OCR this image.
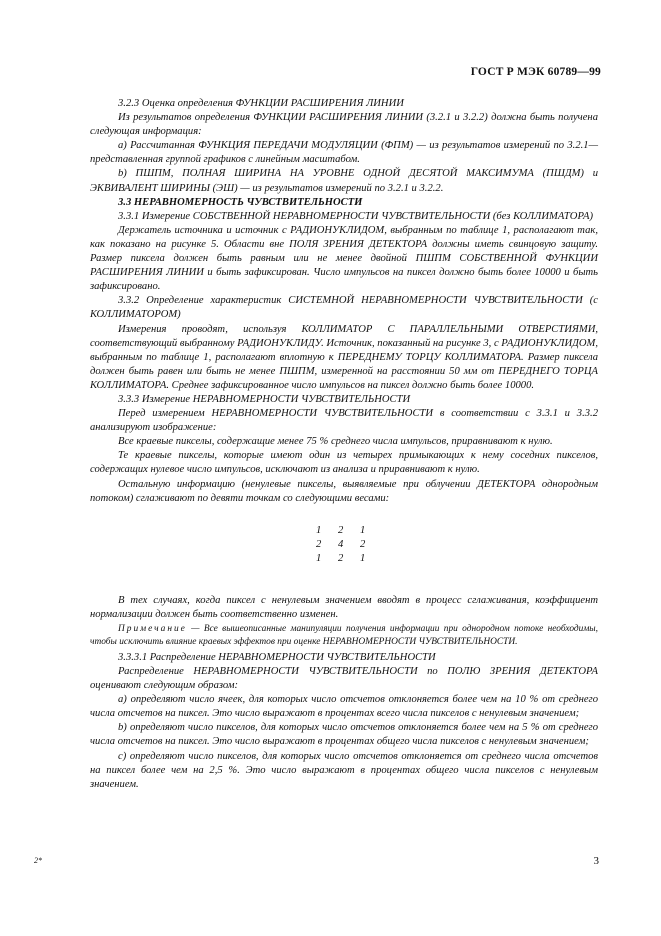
ГОСТ Р МЭК 60789—99

3.2.3 Оценка определения ФУНКЦИИ РАСШИРЕНИЯ ЛИНИИ

Из результатов определения ФУНКЦИИ РАСШИРЕНИЯ ЛИНИИ (3.2.1 и 3.2.2) должна быть получена следующая информация:

а) Рассчитанная ФУНКЦИЯ ПЕРЕДАЧИ МОДУЛЯЦИИ (ФПМ) — из результатов измерений по 3.2.1— представленная группой графиков с линейным масштабом.

b) ПШПМ, ПОЛНАЯ ШИРИНА НА УРОВНЕ ОДНОЙ ДЕСЯТОЙ МАКСИМУМА (ПШДМ) и ЭКВИВАЛЕНТ ШИРИНЫ (ЭШ) — из результатов измерений по 3.2.1 и 3.2.2.

3.3 НЕРАВНОМЕРНОСТЬ ЧУВСТВИТЕЛЬНОСТИ

3.3.1 Измерение СОБСТВЕННОЙ НЕРАВНОМЕРНОСТИ ЧУВСТВИТЕЛЬНОСТИ (без КОЛЛИМАТОРА)

Держатель источника и источник с РАДИОНУКЛИДОМ, выбранным по таблице 1, располагают так, как показано на рисунке 5. Области вне ПОЛЯ ЗРЕНИЯ ДЕТЕКТОРА должны иметь свинцовую защиту. Размер пиксела должен быть равным или не менее двойной ПШПМ СОБСТВЕННОЙ ФУНКЦИИ РАСШИРЕНИЯ ЛИНИИ и быть зафиксирован. Число импульсов на пиксел должно быть более 10000 и быть зафиксировано.

3.3.2 Определение характеристик СИСТЕМНОЙ НЕРАВНОМЕРНОСТИ ЧУВСТВИТЕЛЬНОСТИ (с КОЛЛИМАТОРОМ)

Измерения проводят, используя КОЛЛИМАТОР С ПАРАЛЛЕЛЬНЫМИ ОТВЕРСТИЯМИ, соответствующий выбранному РАДИОНУКЛИДУ. Источник, показанный на рисунке 3, с РАДИОНУКЛИДОМ, выбранным по таблице 1, располагают вплотную к ПЕРЕДНЕМУ ТОРЦУ КОЛЛИМАТОРА. Размер пиксела должен быть равен или быть не менее ПШПМ, измеренной на расстоянии 50 мм от ПЕРЕДНЕГО ТОРЦА КОЛЛИМАТОРА. Среднее зафиксированное число импульсов на пиксел должно быть более 10000.

3.3.3 Измерение НЕРАВНОМЕРНОСТИ ЧУВСТВИТЕЛЬНОСТИ

Перед измерением НЕРАВНОМЕРНОСТИ ЧУВСТВИТЕЛЬНОСТИ в соответствии с 3.3.1 и 3.3.2 анализируют изображение:

Все краевые пикселы, содержащие менее 75 % среднего числа импульсов, приравнивают к нулю.

Те краевые пикселы, которые имеют один из четырех примыкающих к нему соседних пикселов, содержащих нулевое число импульсов, исключают из анализа и приравнивают к нулю.

Остальную информацию (ненулевые пикселы, выявляемые при облучении ДЕТЕКТОРА однородным потоком) сглаживают по девяти точкам со следующими весами:

1	2	1
2	4	2
1	2	1

В тех случаях, когда пиксел с ненулевым значением вводят в процесс сглаживания, коэффициент нормализации должен быть соответственно изменен.

Примечание — Все вышеописанные манипуляции получения информации при однородном потоке необходимы, чтобы исключить влияние краевых эффектов при оценке НЕРАВНОМЕРНОСТИ ЧУВСТВИТЕЛЬНОСТИ.

3.3.3.1 Распределение НЕРАВНОМЕРНОСТИ ЧУВСТВИТЕЛЬНОСТИ

Распределение НЕРАВНОМЕРНОСТИ ЧУВСТВИТЕЛЬНОСТИ по ПОЛЮ ЗРЕНИЯ ДЕТЕКТОРА оценивают следующим образом:

а) определяют число ячеек, для которых число отсчетов отклоняется более чем на 10 % от среднего числа отсчетов на пиксел. Это число выражают в процентах всего числа пикселов с ненулевым значением;

b) определяют число пикселов, для которых число отсчетов отклоняется более чем на 5 % от среднего числа отсчетов на пиксел. Это число выражают в процентах общего числа пикселов с ненулевым значением;

с) определяют число пикселов, для которых число отсчетов отклоняется от среднего числа отсчетов на пиксел более чем на 2,5 %. Это число выражают в процентах общего числа пикселов с ненулевым значением.

2*	3
